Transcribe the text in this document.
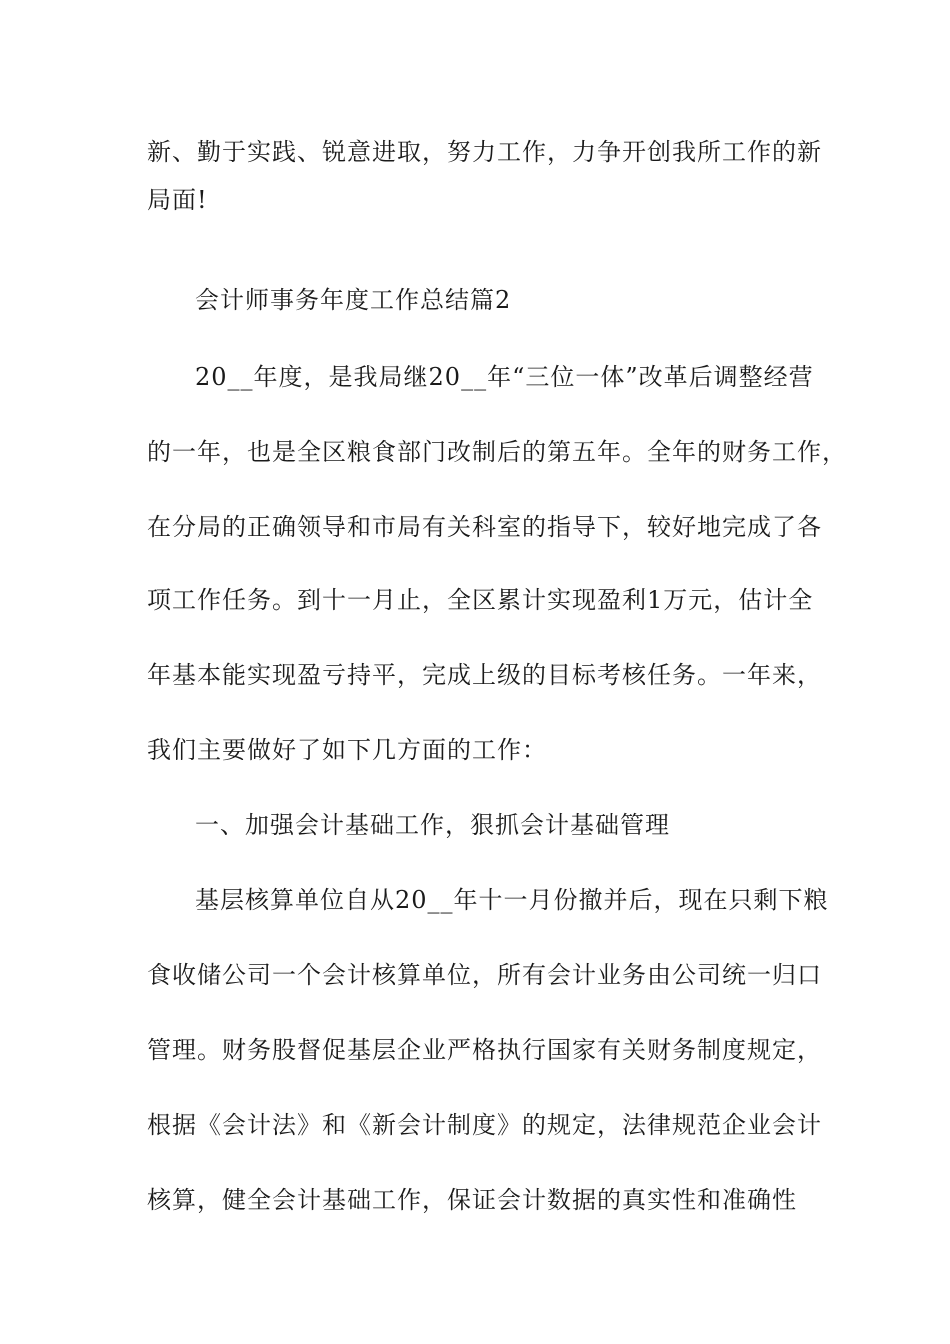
新、勤于实践、锐意进取，努力工作，力争开创我所工作的新
局面!
会计师事务年度工作总结篇2
20__年度，是我局继20__年“三位一体”改革后调整经营
的一年，也是全区粮食部门改制后的第五年。全年的财务工作，
在分局的正确领导和市局有关科室的指导下，较好地完成了各
项工作任务。到十一月止，全区累计实现盈利1万元，估计全
年基本能实现盈亏持平，完成上级的目标考核任务。一年来，
我们主要做好了如下几方面的工作：
一、加强会计基础工作，狠抓会计基础管理
基层核算单位自从20__年十一月份撤并后，现在只剩下粮
食收储公司一个会计核算单位，所有会计业务由公司统一归口
管理。财务股督促基层企业严格执行国家有关财务制度规定，
根据《会计法》和《新会计制度》的规定，法律规范企业会计
核算，健全会计基础工作，保证会计数据的真实性和准确性
